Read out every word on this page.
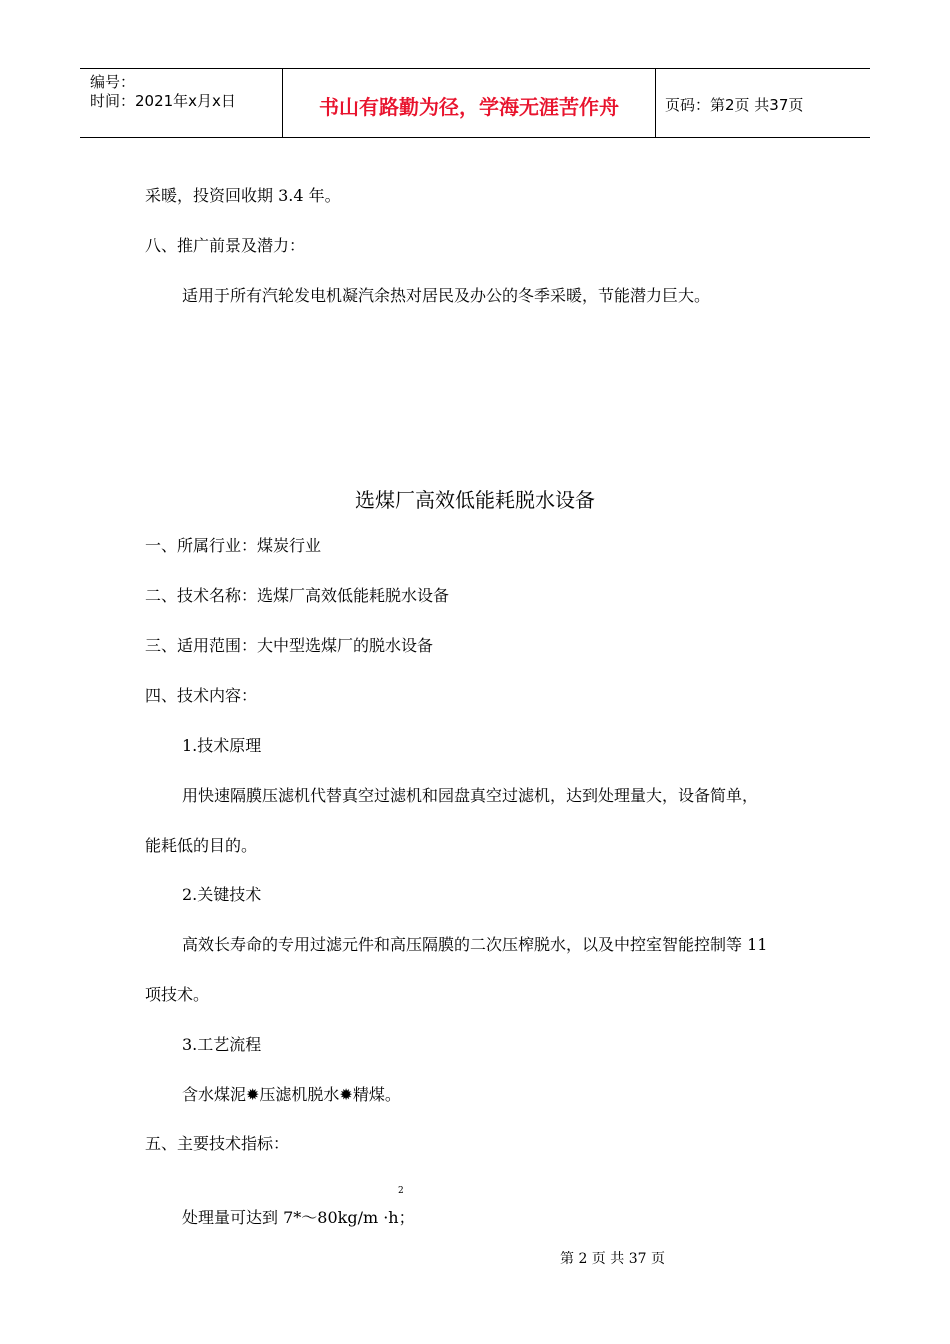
编号：
时间：2021年x月x日	书山有路勤为径，学海无涯苦作舟	页码：第2页 共37页
采暖，投资回收期 3.4 年。
八、推广前景及潜力：
适用于所有汽轮发电机凝汽余热对居民及办公的冬季采暖，节能潜力巨大。
选煤厂高效低能耗脱水设备
一、所属行业：煤炭行业
二、技术名称：选煤厂高效低能耗脱水设备
三、适用范围：大中型选煤厂的脱水设备
四、技术内容：
1.技术原理
用快速隔膜压滤机代替真空过滤机和园盘真空过滤机，达到处理量大，设备简单，
能耗低的目的。
2.关键技术
高效长寿命的专用过滤元件和高压隔膜的二次压榨脱水，以及中控室智能控制等 11
项技术。
3.工艺流程
含水煤泥✹压滤机脱水✹精煤。
五、主要技术指标：
2
处理量可达到 7*～80kg/m ·h；
第 2 页 共 37 页
